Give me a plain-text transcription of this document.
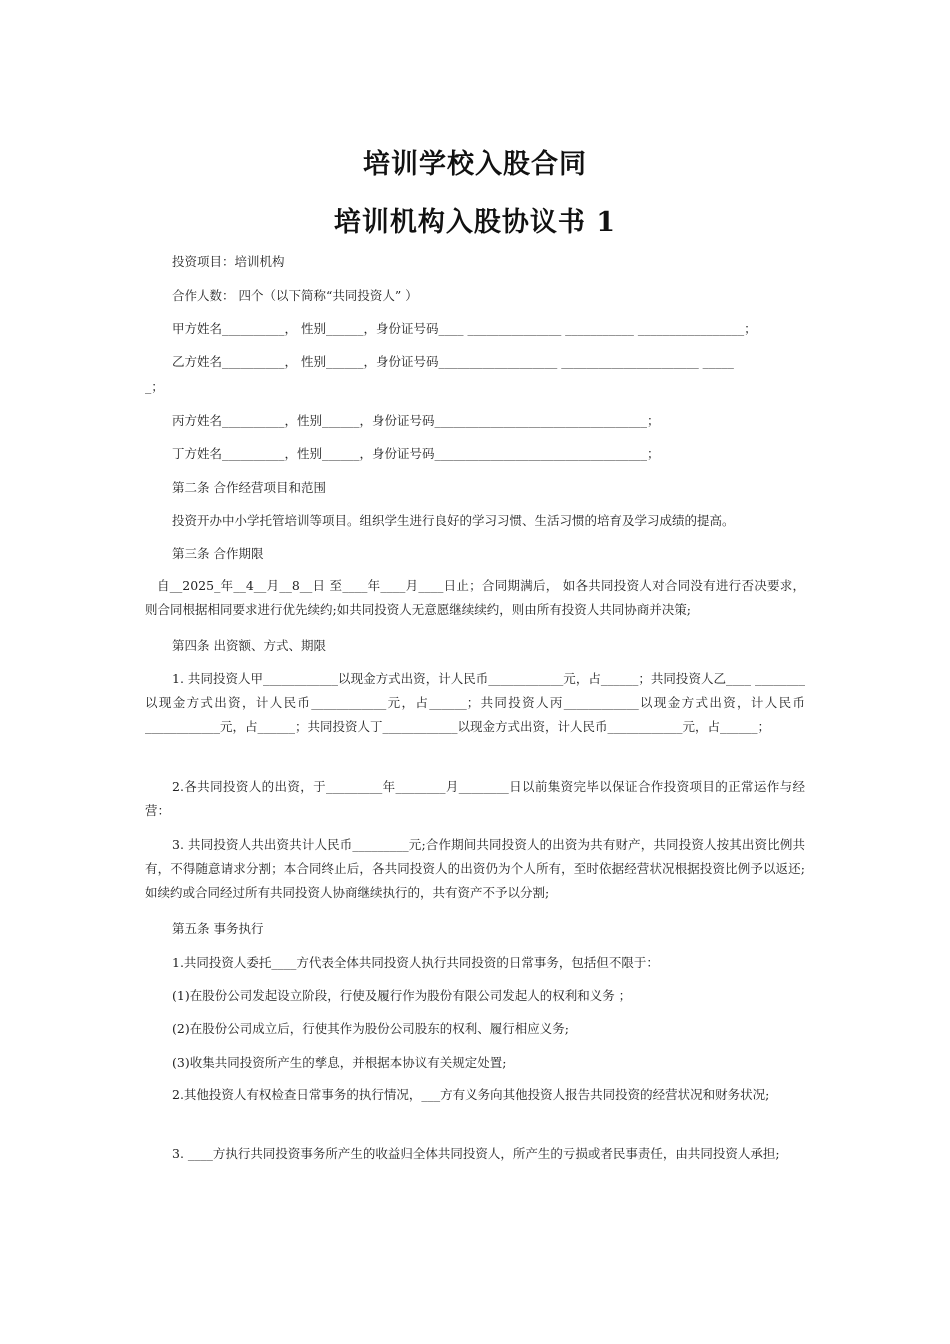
培训学校入股合同
培训机构入股协议书 1
投资项目：培训机构
合作人数： 四个（以下简称“共同投资人” ）
甲方姓名__________， 性别______，身份证号码____ _______________ ___________ _________________；
乙方姓名__________， 性别______，身份证号码___________________ ______________________ _____
_；
丙方姓名__________，性别______，身份证号码__________________________________；
丁方姓名__________，性别______，身份证号码__________________________________；
第二条 合作经营项目和范围
投资开办中小学托管培训等项目。组织学生进行良好的学习习惯、生活习惯的培育及学习成绩的提高。
第三条 合作期限
自__2025_年__4__月__8__日 至____年____月____日止；合同期满后， 如各共同投资人对合同没有进行否决要求，则合同根据相同要求进行优先续约;如共同投资人无意愿继续续约，则由所有投资人共同协商并决策;
第四条 出资额、方式、期限
1. 共同投资人甲____________以现金方式出资，计人民币____________元，占______；共同投资人乙____ ________以现金方式出资，计人民币____________元，占______；共同投资人丙____________以现金方式出资，计人民币____________元，占______；共同投资人丁____________以现金方式出资，计人民币____________元，占______；
2.各共同投资人的出资，于_________年________月________日以前集资完毕以保证合作投资项目的正常运作与经营：
3. 共同投资人共出资共计人民币_________元;合作期间共同投资人的出资为共有财产，共同投资人按其出资比例共有，不得随意请求分割；本合同终止后，各共同投资人的出资仍为个人所有，至时依据经营状况根据投资比例予以返还;如续约或合同经过所有共同投资人协商继续执行的，共有资产不予以分割;
第五条 事务执行
1.共同投资人委托____方代表全体共同投资人执行共同投资的日常事务，包括但不限于：
(1)在股份公司发起设立阶段，行使及履行作为股份有限公司发起人的权利和义务 ；
(2)在股份公司成立后，行使其作为股份公司股东的权利、履行相应义务;
(3)收集共同投资所产生的孳息，并根据本协议有关规定处置;
2.其他投资人有权检查日常事务的执行情况，___方有义务向其他投资人报告共同投资的经营状况和财务状况;
3. ____方执行共同投资事务所产生的收益归全体共同投资人，所产生的亏损或者民事责任，由共同投资人承担;
